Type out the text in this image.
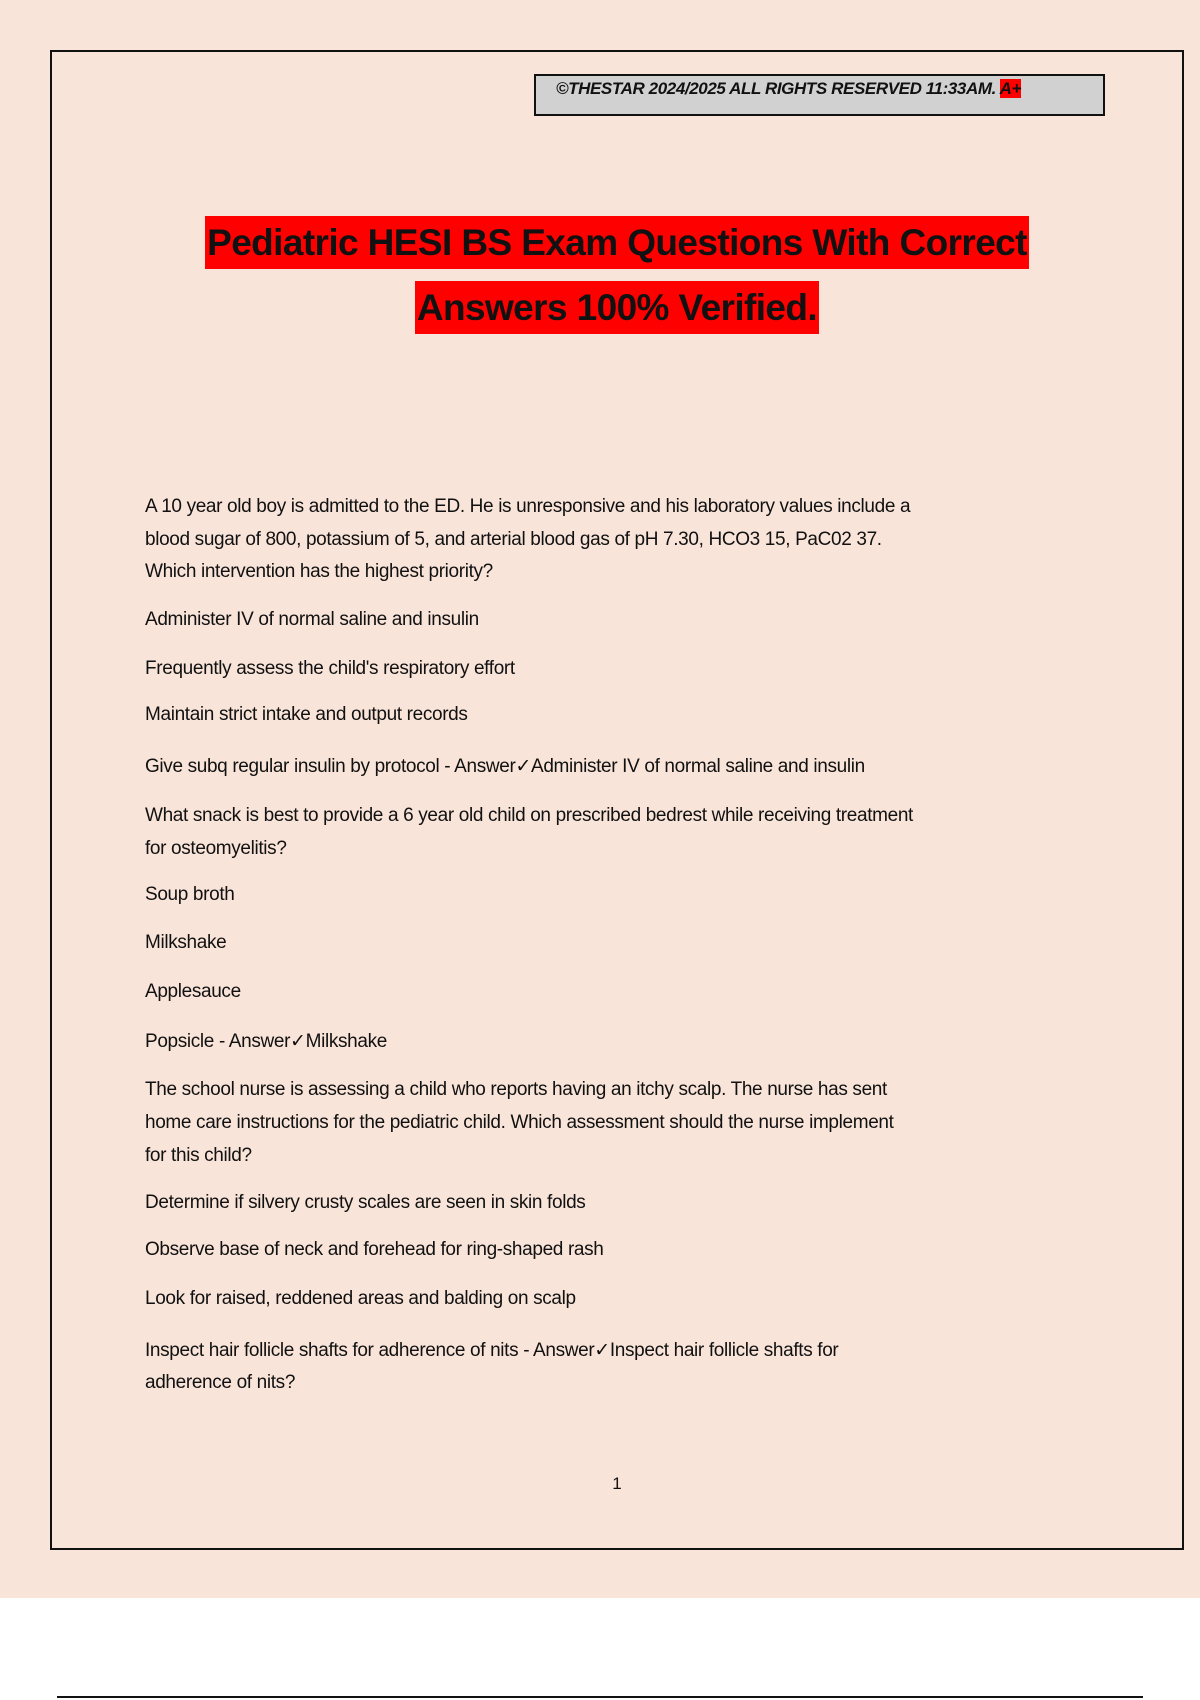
©THESTAR 2024/2025 ALL RIGHTS RESERVED 11:33AM. A+
Pediatric HESI BS Exam Questions With Correct
Answers 100% Verified.
A 10 year old boy is admitted to the ED. He is unresponsive and his laboratory values include a
blood sugar of 800, potassium of 5, and arterial blood gas of pH 7.30, HCO3 15, PaC02 37.
Which intervention has the highest priority?
Administer IV of normal saline and insulin
Frequently assess the child's respiratory effort
Maintain strict intake and output records
Give subq regular insulin by protocol - Answer✓Administer IV of normal saline and insulin
What snack is best to provide a 6 year old child on prescribed bedrest while receiving treatment
for osteomyelitis?
Soup broth
Milkshake
Applesauce
Popsicle - Answer✓Milkshake
The school nurse is assessing a child who reports having an itchy scalp. The nurse has sent
home care instructions for the pediatric child. Which assessment should the nurse implement
for this child?
Determine if silvery crusty scales are seen in skin folds
Observe base of neck and forehead for ring-shaped rash
Look for raised, reddened areas and balding on scalp
Inspect hair follicle shafts for adherence of nits - Answer✓Inspect hair follicle shafts for
adherence of nits?
1
